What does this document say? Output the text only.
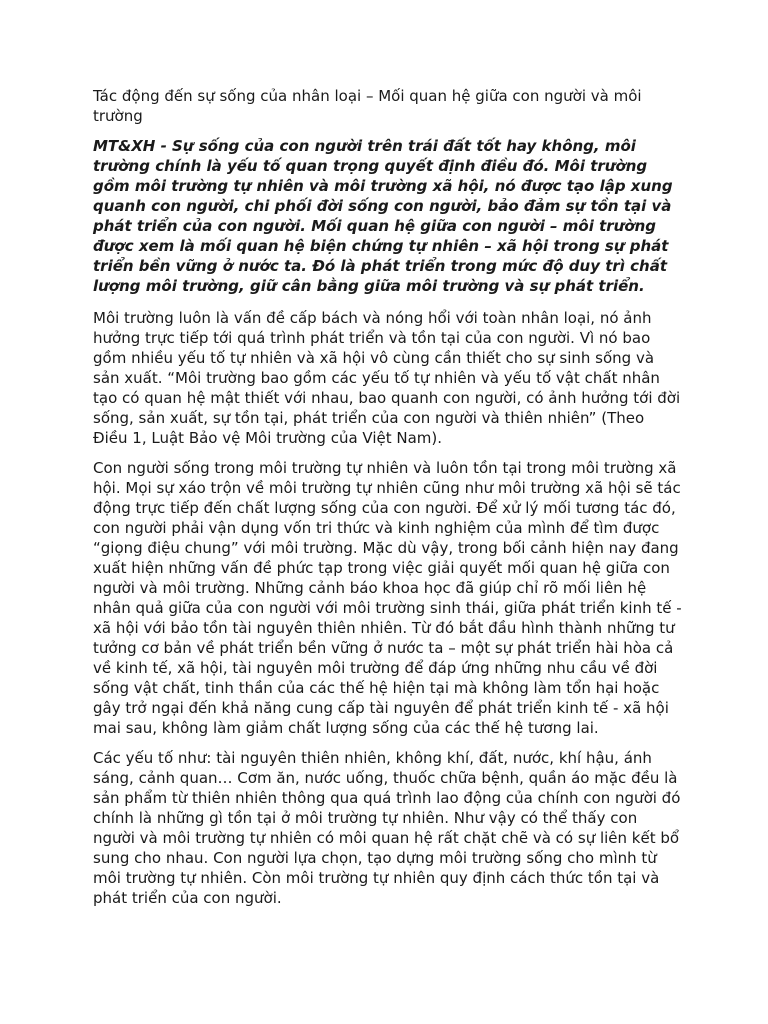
Tác động đến sự sống của nhân loại – Mối quan hệ giữa con người và môi trường

MT&XH - Sự sống của con người trên trái đất tốt hay không, môi trường chính là yếu tố quan trọng quyết định điều đó. Môi trường gồm môi trường tự nhiên và môi trường xã hội, nó được tạo lập xung quanh con người, chi phối đời sống con người, bảo đảm sự tồn tại và phát triển của con người. Mối quan hệ giữa con người – môi trường được xem là mối quan hệ biện chứng tự nhiên – xã hội trong sự phát triển bền vững ở nước ta. Đó là phát triển trong mức độ duy trì chất lượng môi trường, giữ cân bằng giữa môi trường và sự phát triển.

Môi trường luôn là vấn đề cấp bách và nóng hổi với toàn nhân loại, nó ảnh hưởng trực tiếp tới quá trình phát triển và tồn tại của con người. Vì nó bao gồm nhiều yếu tố tự nhiên và xã hội vô cùng cần thiết cho sự sinh sống và sản xuất. “Môi trường bao gồm các yếu tố tự nhiên và yếu tố vật chất nhân tạo có quan hệ mật thiết với nhau, bao quanh con người, có ảnh hưởng tới đời sống, sản xuất, sự tồn tại, phát triển của con người và thiên nhiên” (Theo Điều 1, Luật Bảo vệ Môi trường của Việt Nam).

Con người sống trong môi trường tự nhiên và luôn tồn tại trong môi trường xã hội. Mọi sự xáo trộn về môi trường tự nhiên cũng như môi trường xã hội sẽ tác động trực tiếp đến chất lượng sống của con người. Để xử lý mối tương tác đó, con người phải vận dụng vốn tri thức và kinh nghiệm của mình để tìm được “giọng điệu chung” với môi trường. Mặc dù vậy, trong bối cảnh hiện nay đang xuất hiện những vấn đề phức tạp trong việc giải quyết mối quan hệ giữa con người và môi trường. Những cảnh báo khoa học đã giúp chỉ rõ mối liên hệ nhân quả giữa của con người với môi trường sinh thái, giữa phát triển kinh tế - xã hội với bảo tồn tài nguyên thiên nhiên. Từ đó bắt đầu hình thành những tư tưởng cơ bản về phát triển bền vững ở nước ta – một sự phát triển hài hòa cả về kinh tế, xã hội, tài nguyên môi trường để đáp ứng những nhu cầu về đời sống vật chất, tinh thần của các thế hệ hiện tại mà không làm tổn hại hoặc gây trở ngại đến khả năng cung cấp tài nguyên để phát triển kinh tế - xã hội mai sau, không làm giảm chất lượng sống của các thế hệ tương lai.

Các yếu tố như: tài nguyên thiên nhiên, không khí, đất, nước, khí hậu, ánh sáng, cảnh quan… Cơm ăn, nước uống, thuốc chữa bệnh, quần áo mặc đều là sản phẩm từ thiên nhiên thông qua quá trình lao động của chính con người đó chính là những gì tồn tại ở môi trường tự nhiên. Như vậy có thể thấy con người và môi trường tự nhiên có môi quan hệ rất chặt chẽ và có sự liên kết bổ sung cho nhau. Con người lựa chọn, tạo dựng môi trường sống cho mình từ môi trường tự nhiên. Còn môi trường tự nhiên quy định cách thức tồn tại và phát triển của con người.
